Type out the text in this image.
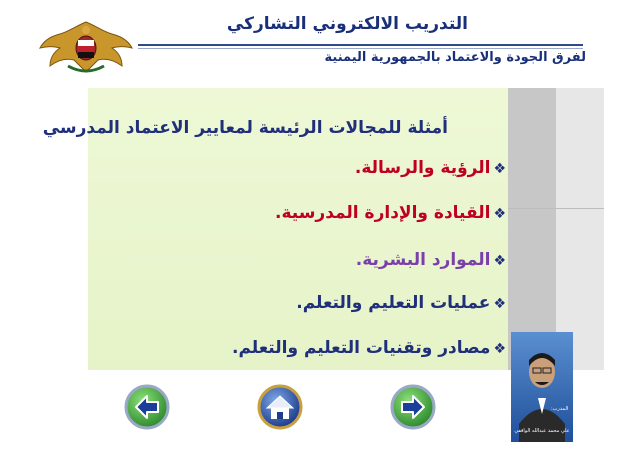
التدريب الالكتروني التشاركي
لفرق الجودة والاعتماد بالجمهورية اليمنية
أمثلة للمجالات الرئيسة لمعايير الاعتماد المدرسي
❖الرؤية والرسالة.
❖القيادة والإدارة المدرسية.
❖الموارد البشرية.
❖عمليات التعليم والتعلم.
❖مصادر وتقنيات التعليم والتعلم.
المدرب:
علي محمد عبدالله الواقفي
